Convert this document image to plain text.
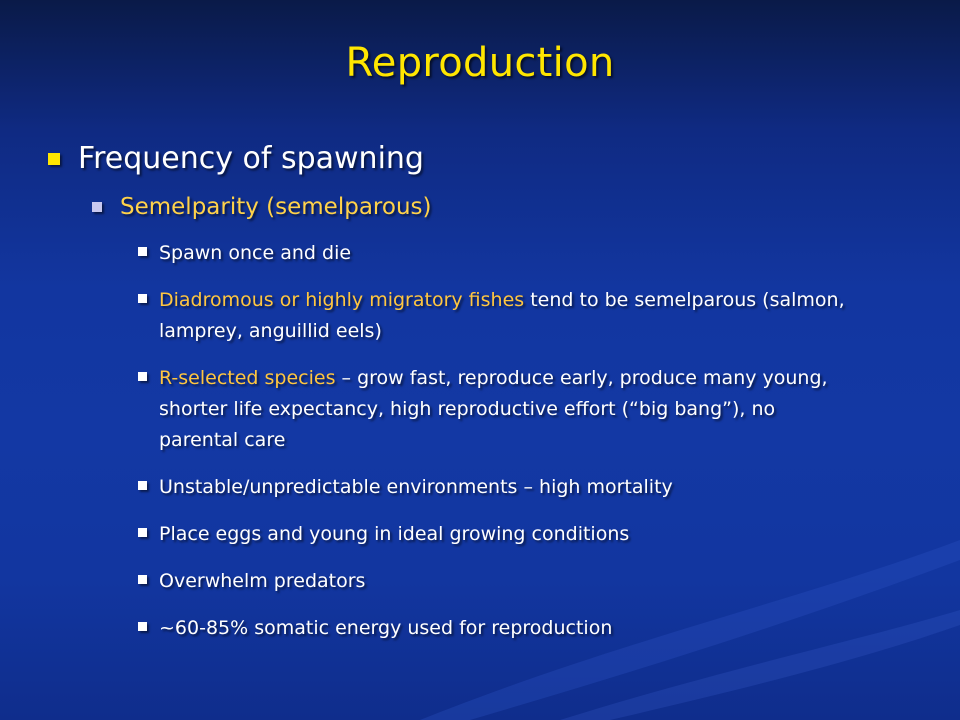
Reproduction
Frequency of spawning
Semelparity (semelparous)
Spawn once and die
Diadromous or highly migratory fishes tend to be semelparous (salmon, lamprey, anguillid eels)
R-selected species – grow fast, reproduce early, produce many young, shorter life expectancy, high reproductive effort (“big bang”), no parental care
Unstable/unpredictable environments – high mortality
Place eggs and young in ideal growing conditions
Overwhelm predators
~60-85% somatic energy used for reproduction
